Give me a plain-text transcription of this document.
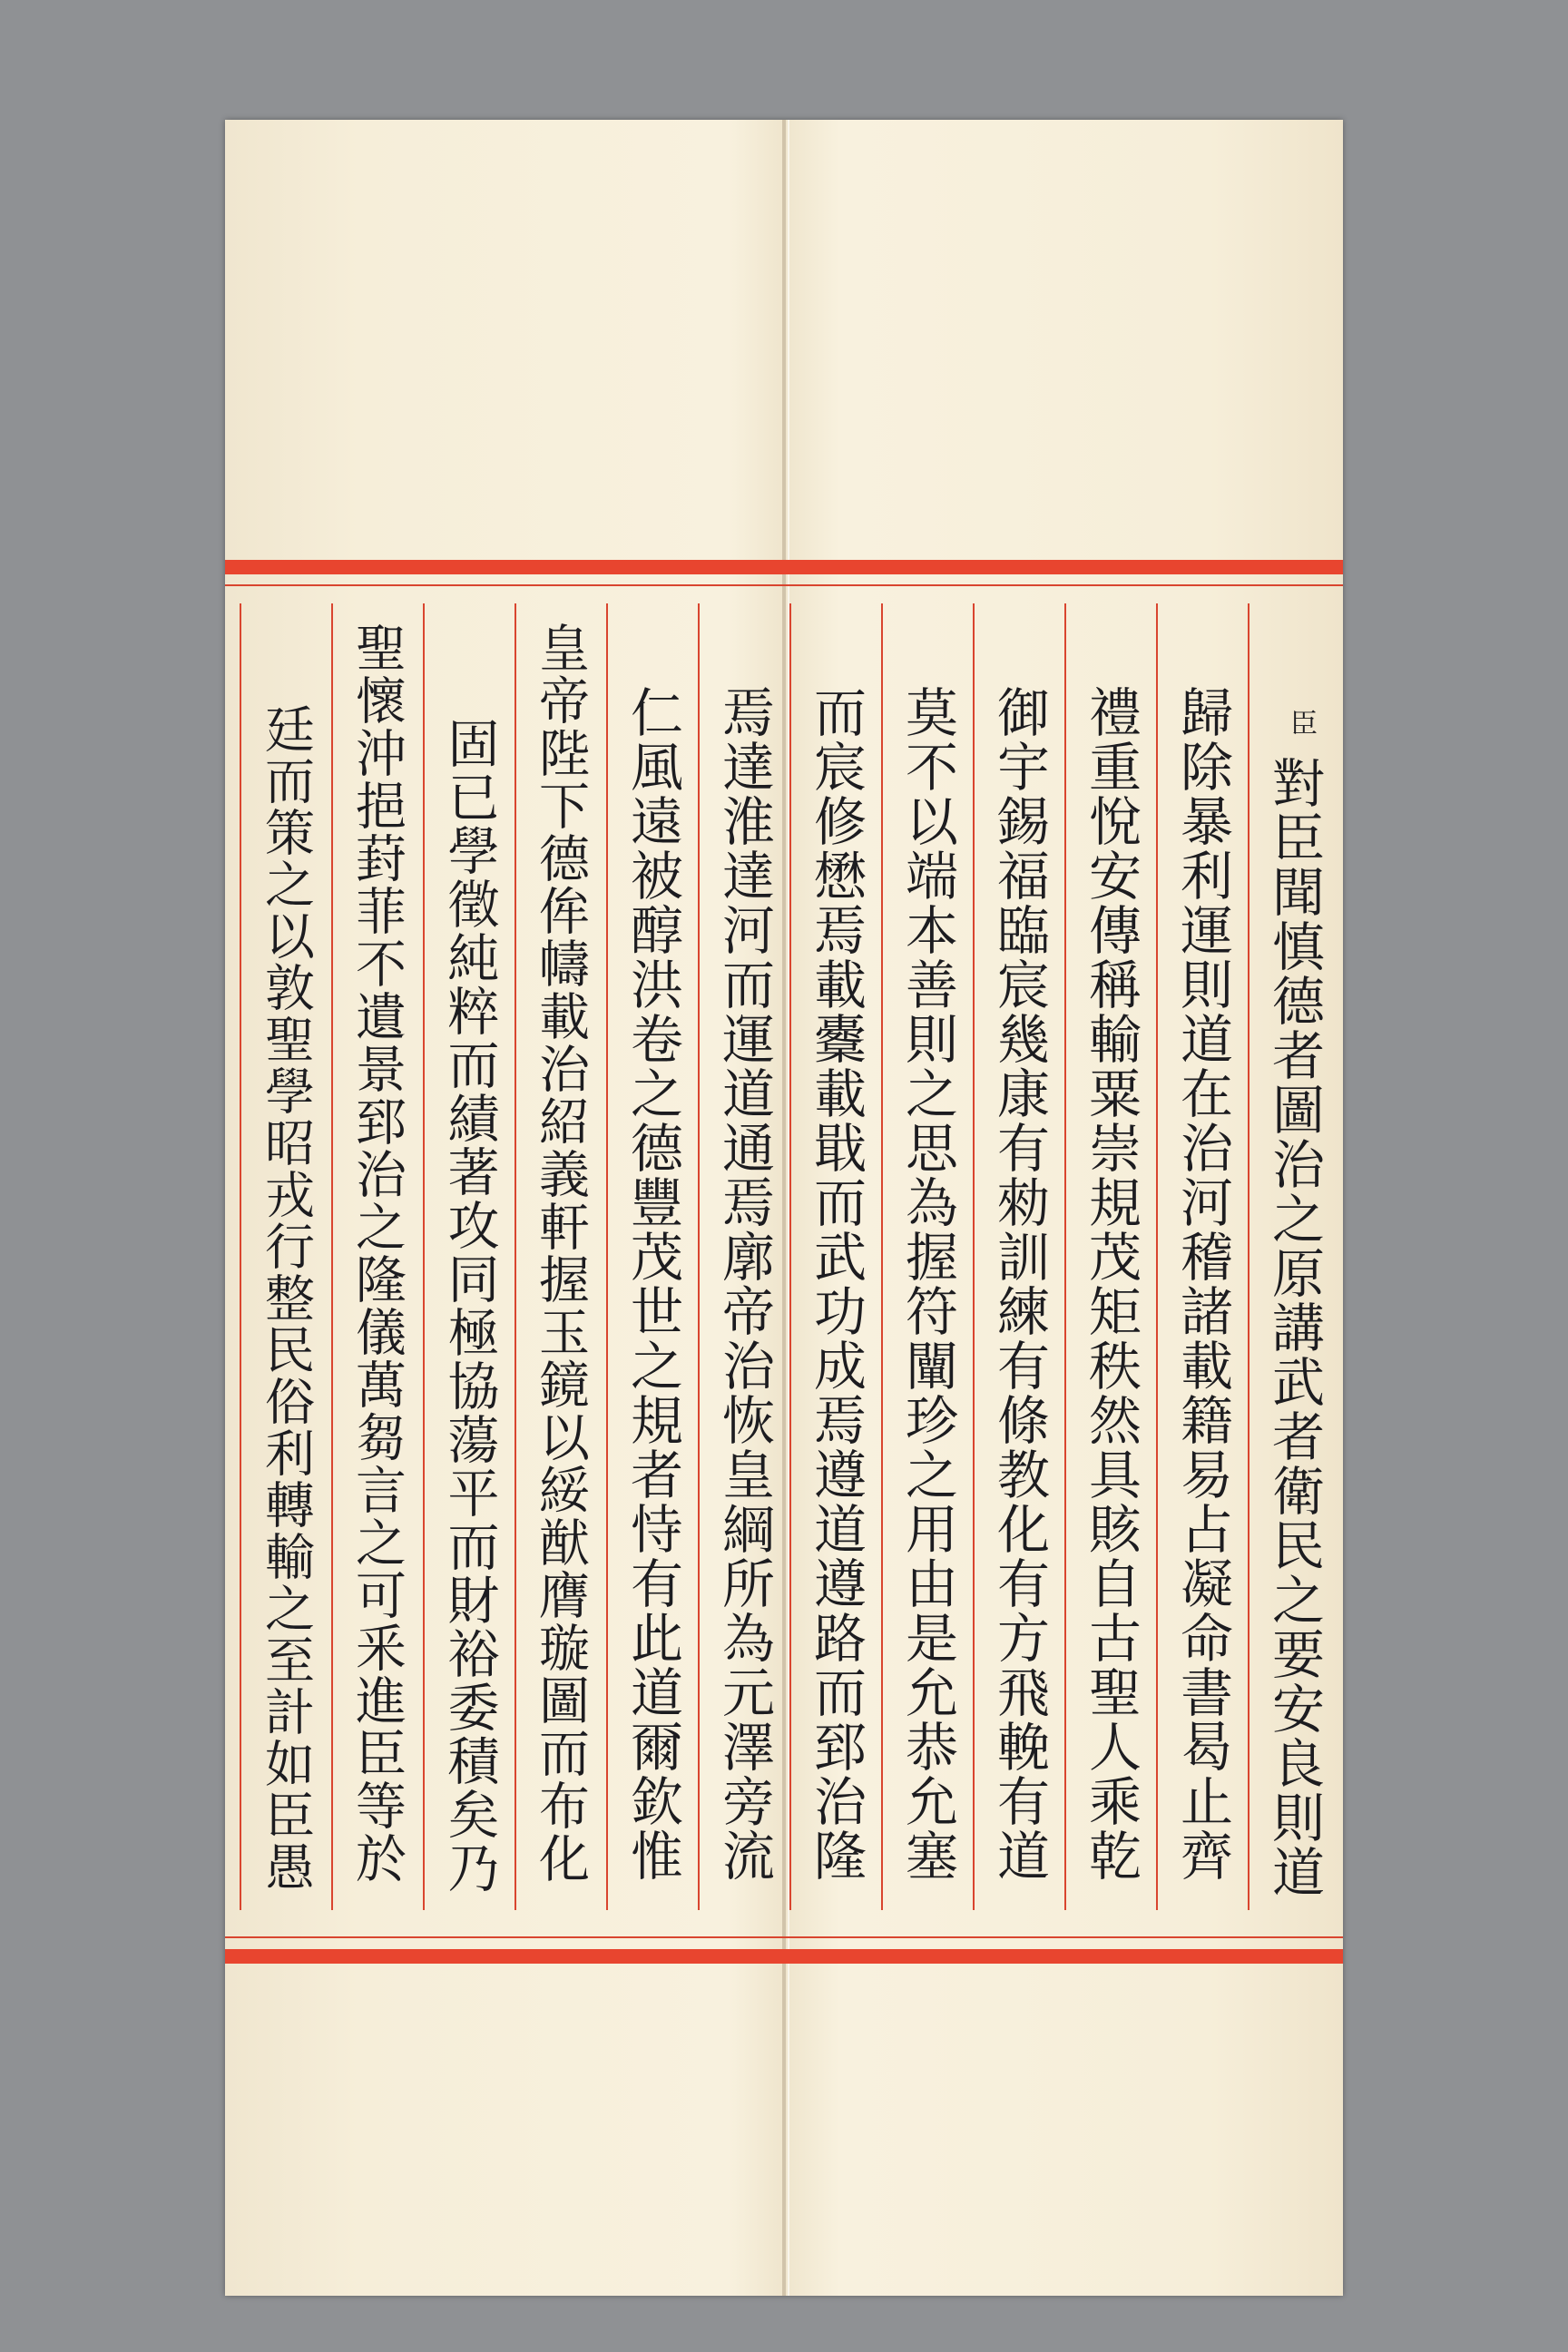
臣
對臣聞慎德者圖治之原講武者衛民之要安良則道
歸除暴利運則道在治河稽諸載籍易占凝命書曷止齊
禮重悅安傳稱輸粟崇規茂矩秩然具賅自古聖人乘乾
御宇錫福臨宸幾康有勑訓練有條教化有方飛輓有道
莫不以端本善則之思為握符闡珍之用由是允恭允塞
而宸修懋焉載櫜載戢而武功成焉遵道遵路而郅治隆
焉達淮達河而運道通焉廓帝治恢皇綱所為元澤旁流
仁風遠被醇洪卷之德豐茂世之規者恃有此道爾欽惟
皇帝陛下德侔幬載治紹義軒握玉鏡以綏猷膺璇圖而布化
固已學徵純粹而績著攻同極協蕩平而財裕委積矣乃
聖懷沖挹葑菲不遺景郅治之隆儀萬芻言之可釆進臣等於
廷而策之以敦聖學昭戎行整民俗利轉輸之至計如臣愚
